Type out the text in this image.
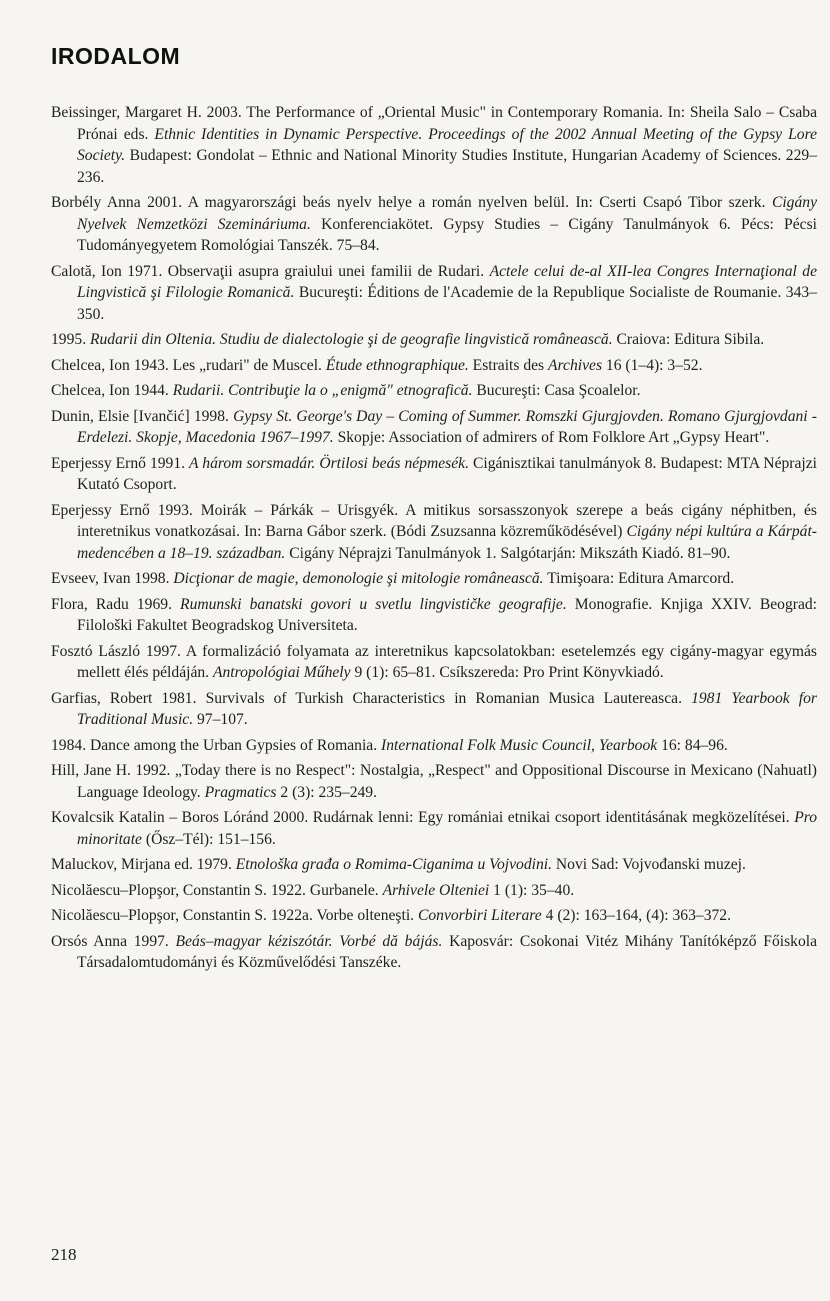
IRODALOM

Beissinger, Margaret H. 2003. The Performance of „Oriental Music" in Contemporary Romania. In: Sheila Salo – Csaba Prónai eds. Ethnic Identities in Dynamic Perspective. Proceedings of the 2002 Annual Meeting of the Gypsy Lore Society. Budapest: Gondolat – Ethnic and National Minority Studies Institute, Hungarian Academy of Sciences. 229–236.

Borbély Anna 2001. A magyarországi beás nyelv helye a román nyelven belül. In: Cserti Csapó Tibor szerk. Cigány Nyelvek Nemzetközi Szemináriuma. Konferenciakötet. Gypsy Studies – Cigány Tanulmányok 6. Pécs: Pécsi Tudományegyetem Romológiai Tanszék. 75–84.

Calotă, Ion 1971. Observaţii asupra graiului unei familii de Rudari. Actele celui de-al XII-lea Congres Internaţional de Lingvistică şi Filologie Romanică. Bucureşti: Éditions de l'Academie de la Republique Socialiste de Roumanie. 343–350.

1995. Rudarii din Oltenia. Studiu de dialectologie şi de geografie lingvistică românească. Craiova: Editura Sibila.

Chelcea, Ion 1943. Les „rudari" de Muscel. Étude ethnographique. Estraits des Archives 16 (1–4): 3–52.

Chelcea, Ion 1944. Rudarii. Contribuţie la o „enigmă" etnografică. Bucureşti: Casa Şcoalelor.

Dunin, Elsie [Ivančić] 1998. Gypsy St. George's Day – Coming of Summer. Romszki Gjurgjovden. Romano Gjurgjovdani - Erdelezi. Skopje, Macedonia 1967–1997. Skopje: Association of admirers of Rom Folklore Art „Gypsy Heart".

Eperjessy Ernő 1991. A három sorsmadár. Örtilosi beás népmesék. Cigánisztikai tanulmányok 8. Budapest: MTA Néprajzi Kutató Csoport.

Eperjessy Ernő 1993. Moirák – Párkák – Urisgyék. A mitikus sorsasszonyok szerepe a beás cigány néphitben, és interetnikus vonatkozásai. In: Barna Gábor szerk. (Bódi Zsuzsanna közreműködésével) Cigány népi kultúra a Kárpát-medencében a 18–19. században. Cigány Néprajzi Tanulmányok 1. Salgótarján: Mikszáth Kiadó. 81–90.

Evseev, Ivan 1998. Dicţionar de magie, demonologie şi mitologie românească. Timişoara: Editura Amarcord.

Flora, Radu 1969. Rumunski banatski govori u svetlu lingvističke geografije. Monografie. Knjiga XXIV. Beograd: Filološki Fakultet Beogradskog Universiteta.

Fosztó László 1997. A formalizáció folyamata az interetnikus kapcsolatokban: esetelemzés egy cigány-magyar egymás mellett élés példáján. Antropológiai Műhely 9 (1): 65–81. Csíkszereda: Pro Print Könyvkiadó.

Garfias, Robert 1981. Survivals of Turkish Characteristics in Romanian Musica Lautereasca. 1981 Yearbook for Traditional Music. 97–107.

1984. Dance among the Urban Gypsies of Romania. International Folk Music Council, Yearbook 16: 84–96.

Hill, Jane H. 1992. „Today there is no Respect": Nostalgia, „Respect" and Oppositional Discourse in Mexicano (Nahuatl) Language Ideology. Pragmatics 2 (3): 235–249.

Kovalcsik Katalin – Boros Lóránd 2000. Rudárnak lenni: Egy romániai etnikai csoport identitásának megközelítései. Pro minoritate (Ősz–Tél): 151–156.

Maluckov, Mirjana ed. 1979. Etnološka građa o Romima-Ciganima u Vojvodini. Novi Sad: Vojvođanski muzej.

Nicolăescu–Plopşor, Constantin S. 1922. Gurbanele. Arhivele Olteniei 1 (1): 35–40.

Nicolăescu–Plopşor, Constantin S. 1922a. Vorbe olteneşti. Convorbiri Literare 4 (2): 163–164, (4): 363–372.

Orsós Anna 1997. Beás–magyar kéziszótár. Vorbé dă bájás. Kaposvár: Csokonai Vitéz Mihány Tanítóképző Főiskola Társadalomtudományi és Közművelődési Tanszéke.

218
